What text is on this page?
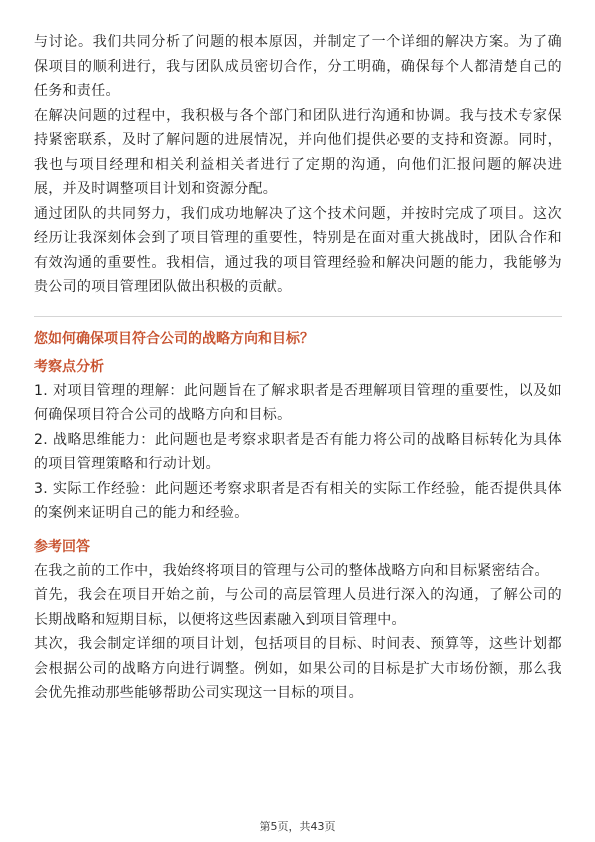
与讨论。我们共同分析了问题的根本原因，并制定了一个详细的解决方案。为了确保项目的顺利进行，我与团队成员密切合作，分工明确，确保每个人都清楚自己的任务和责任。

在解决问题的过程中，我积极与各个部门和团队进行沟通和协调。我与技术专家保持紧密联系，及时了解问题的进展情况，并向他们提供必要的支持和资源。同时，我也与项目经理和相关利益相关者进行了定期的沟通，向他们汇报问题的解决进展，并及时调整项目计划和资源分配。

通过团队的共同努力，我们成功地解决了这个技术问题，并按时完成了项目。这次经历让我深刻体会到了项目管理的重要性，特别是在面对重大挑战时，团队合作和有效沟通的重要性。我相信，通过我的项目管理经验和解决问题的能力，我能够为贵公司的项目管理团队做出积极的贡献。

您如何确保项目符合公司的战略方向和目标？
考察点分析

1. 对项目管理的理解：此问题旨在了解求职者是否理解项目管理的重要性，以及如何确保项目符合公司的战略方向和目标。

2. 战略思维能力：此问题也是考察求职者是否有能力将公司的战略目标转化为具体的项目管理策略和行动计划。

3. 实际工作经验：此问题还考察求职者是否有相关的实际工作经验，能否提供具体的案例来证明自己的能力和经验。

参考回答

在我之前的工作中，我始终将项目的管理与公司的整体战略方向和目标紧密结合。

首先，我会在项目开始之前，与公司的高层管理人员进行深入的沟通，了解公司的长期战略和短期目标，以便将这些因素融入到项目管理中。

其次，我会制定详细的项目计划，包括项目的目标、时间表、预算等，这些计划都会根据公司的战略方向进行调整。例如，如果公司的目标是扩大市场份额，那么我会优先推动那些能够帮助公司实现这一目标的项目。

第5页，共43页
